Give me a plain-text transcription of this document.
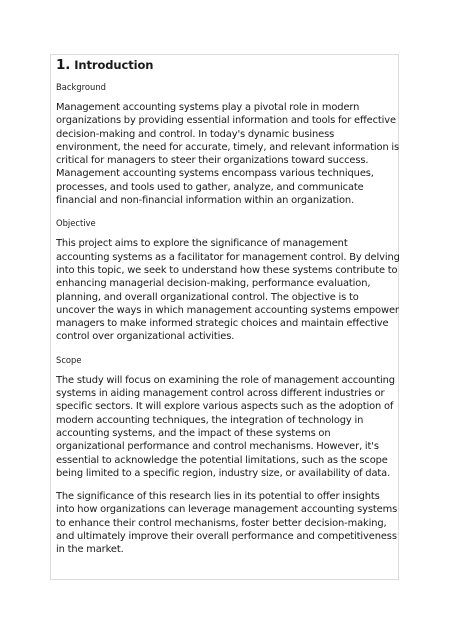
1. Introduction

Background

Management accounting systems play a pivotal role in modern organizations by providing essential information and tools for effective decision-making and control. In today's dynamic business environment, the need for accurate, timely, and relevant information is critical for managers to steer their organizations toward success. Management accounting systems encompass various techniques, processes, and tools used to gather, analyze, and communicate financial and non-financial information within an organization.

Objective

This project aims to explore the significance of management accounting systems as a facilitator for management control. By delving into this topic, we seek to understand how these systems contribute to enhancing managerial decision-making, performance evaluation, planning, and overall organizational control. The objective is to uncover the ways in which management accounting systems empower managers to make informed strategic choices and maintain effective control over organizational activities.

Scope

The study will focus on examining the role of management accounting systems in aiding management control across different industries or specific sectors. It will explore various aspects such as the adoption of modern accounting techniques, the integration of technology in accounting systems, and the impact of these systems on organizational performance and control mechanisms. However, it's essential to acknowledge the potential limitations, such as the scope being limited to a specific region, industry size, or availability of data.

The significance of this research lies in its potential to offer insights into how organizations can leverage management accounting systems to enhance their control mechanisms, foster better decision-making, and ultimately improve their overall performance and competitiveness in the market.
